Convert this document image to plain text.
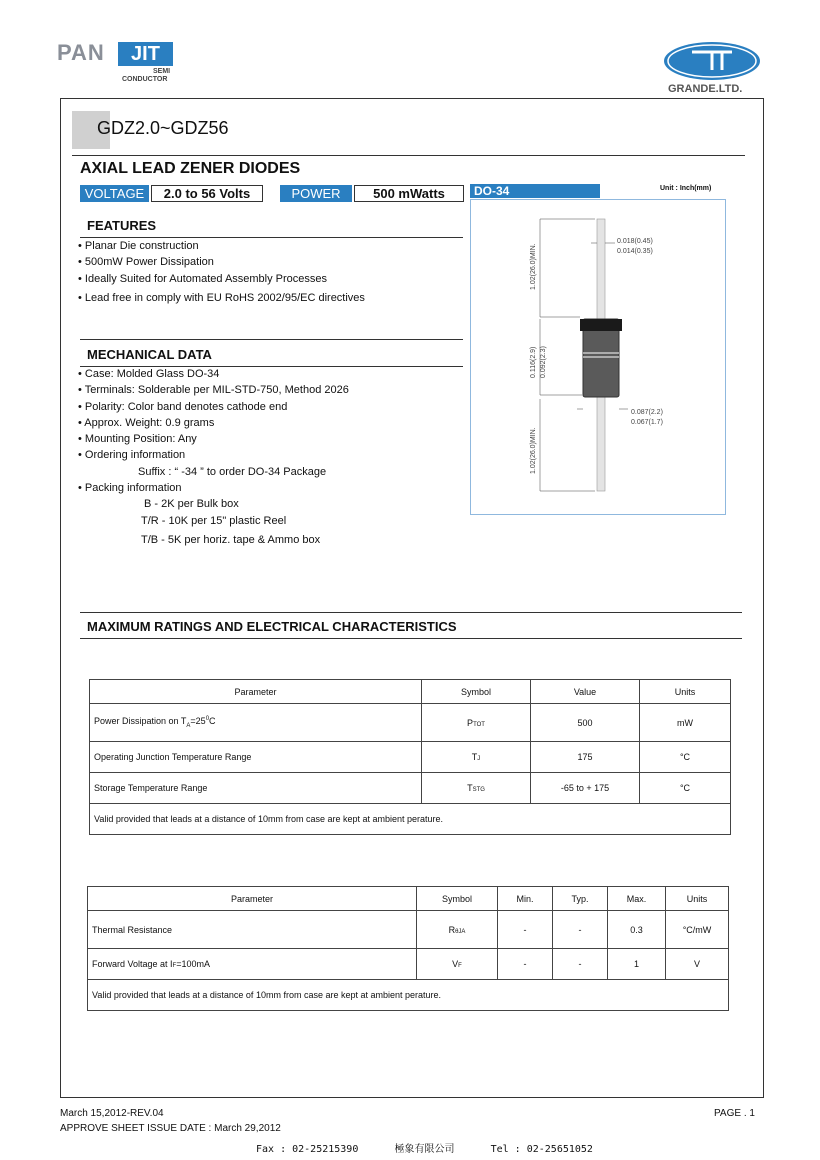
PAN	JIT
SEMI
CONDUCTOR
GRANDE.LTD.
GDZ2.0~GDZ56
AXIAL LEAD ZENER DIODES
VOLTAGE	2.0 to 56 Volts	POWER	500 mWatts
FEATURES
• Planar Die construction
• 500mW Power Dissipation
• Ideally Suited for Automated Assembly Processes
• Lead free in comply with EU RoHS 2002/95/EC directives
MECHANICAL DATA
• Case: Molded Glass DO-34
• Terminals: Solderable per MIL-STD-750, Method 2026
• Polarity: Color band denotes cathode end
• Approx. Weight: 0.9 grams
• Mounting Position: Any
• Ordering information
Suffix : “ -34 ” to order DO-34 Package
• Packing information
B - 2K per Bulk box
T/R - 10K per 15" plastic Reel
T/B - 5K per horiz. tape & Ammo box
DO-34	Unit : Inch(mm)
0.018(0.45)
0.014(0.35)
1.02(26.0)MIN.
0.116(2.9) 0.092(2.3)
0.087(2.2)
0.067(1.7)
1.02(26.0)MIN.
MAXIMUM RATINGS AND ELECTRICAL CHARACTERISTICS
Parameter	Symbol	Value	Units
Power Dissipation on $T_A=25^0C$	PTOT	500	mW
Operating Junction Temperature Range	TJ	175	°C
Storage Temperature Range	TSTG	-65 to + 175	°C
Valid provided that leads at a distance of 10mm from case are kept at ambient perature.			
Parameter	Symbol	Min.	Typ.	Max.	Units
Thermal Resistance	RθJA	-	-	0.3	°C/mW
Forward Voltage at IF=100mA	VF	-	-	1	V
Valid provided that leads at a distance of 10mm from case are kept at ambient perature.					
March 15,2012-REV.04
APPROVE SHEET ISSUE DATE : March 29,2012
PAGE . 1
Fax : 02-25215390      極象有限公司      Tel : 02-25651052
